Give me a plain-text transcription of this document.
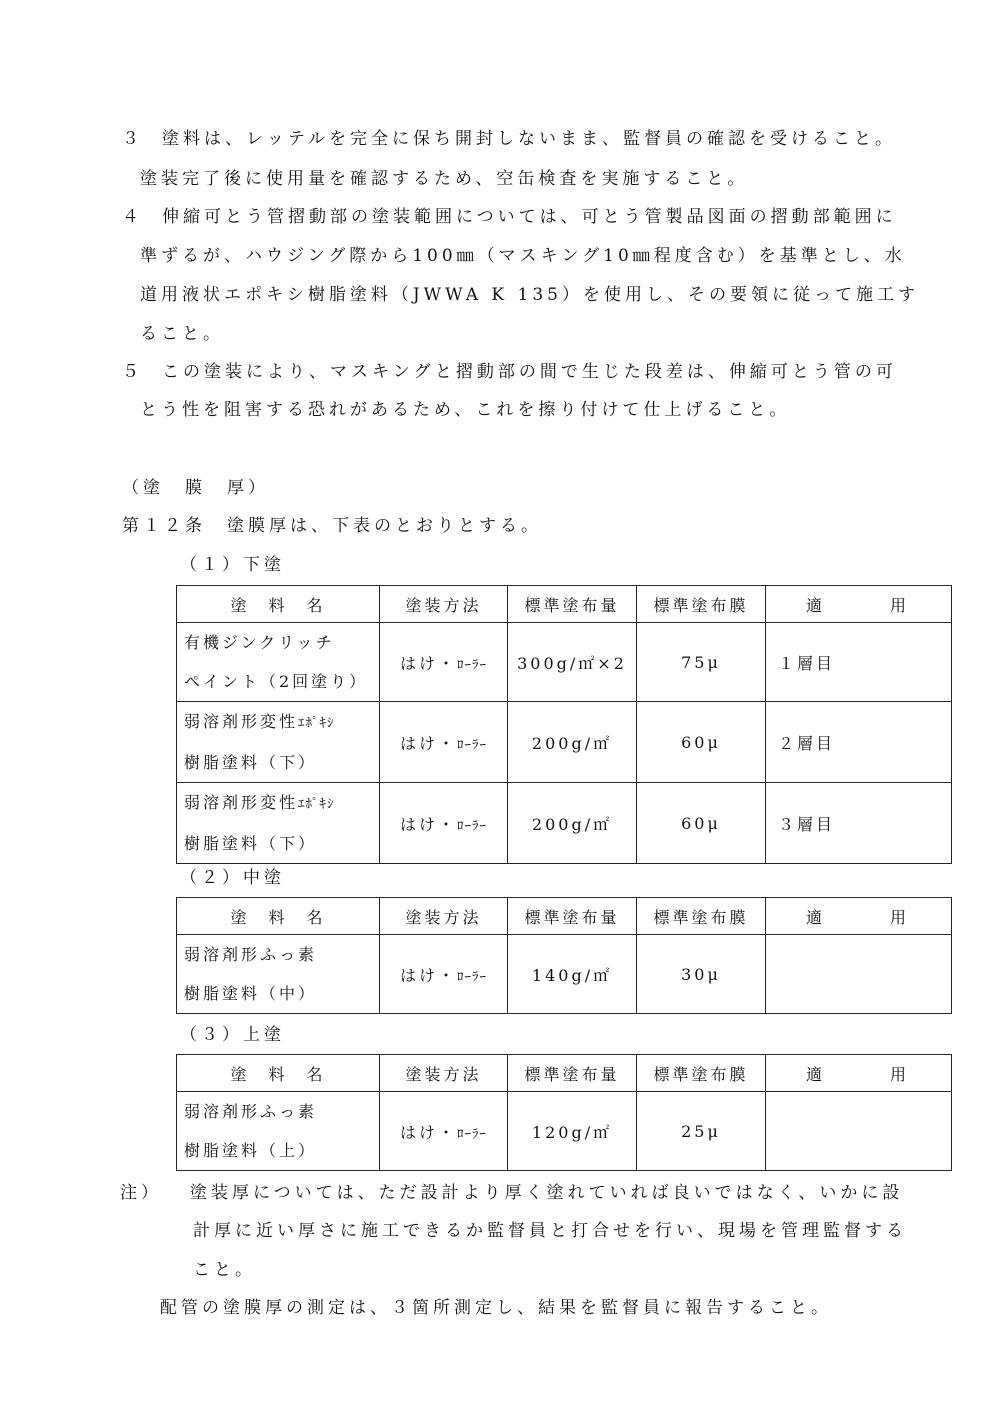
３ 塗料は、レッテルを完全に保ち開封しないまま、監督員の確認を受けること。
塗装完了後に使用量を確認するため、空缶検査を実施すること。
４ 伸縮可とう管摺動部の塗装範囲については、可とう管製品図面の摺動部範囲に
準ずるが、ハウジング際から100㎜（マスキング10㎜程度含む）を基準とし、水
道用液状エポキシ樹脂塗料（JWWA K 135）を使用し、その要領に従って施工す
ること。
５ この塗装により、マスキングと摺動部の間で生じた段差は、伸縮可とう管の可
とう性を阻害する恐れがあるため、これを擦り付けて仕上げること。
（塗　膜　厚）
第１２条　塗膜厚は、下表のとおりとする。
（１）下塗
塗　料　名	塗装方法	標準塗布量	標準塗布膜	適 用

有機ジンクリッチ
ペイント（2回塗り）	はけ・ﾛｰﾗｰ	300g/㎡×2	75μ	１層目
弱溶剤形変性ｴﾎﾟｷｼ
樹脂塗料（下）	はけ・ﾛｰﾗｰ	200g/㎡	60μ	２層目
弱溶剤形変性ｴﾎﾟｷｼ
樹脂塗料（下）	はけ・ﾛｰﾗｰ	200g/㎡	60μ	３層目
（２）中塗
塗　料　名	塗装方法	標準塗布量	標準塗布膜	適 用

弱溶剤形ふっ素
樹脂塗料（中）	はけ・ﾛｰﾗｰ	140g/㎡	30μ	
（３）上塗
塗　料　名	塗装方法	標準塗布量	標準塗布膜	適 用

弱溶剤形ふっ素
樹脂塗料（上）	はけ・ﾛｰﾗｰ	120g/㎡	25μ	
注） 塗装厚については、ただ設計より厚く塗れていれば良いではなく、いかに設
計厚に近い厚さに施工できるか監督員と打合せを行い、現場を管理監督する
こと。
配管の塗膜厚の測定は、３箇所測定し、結果を監督員に報告すること。
